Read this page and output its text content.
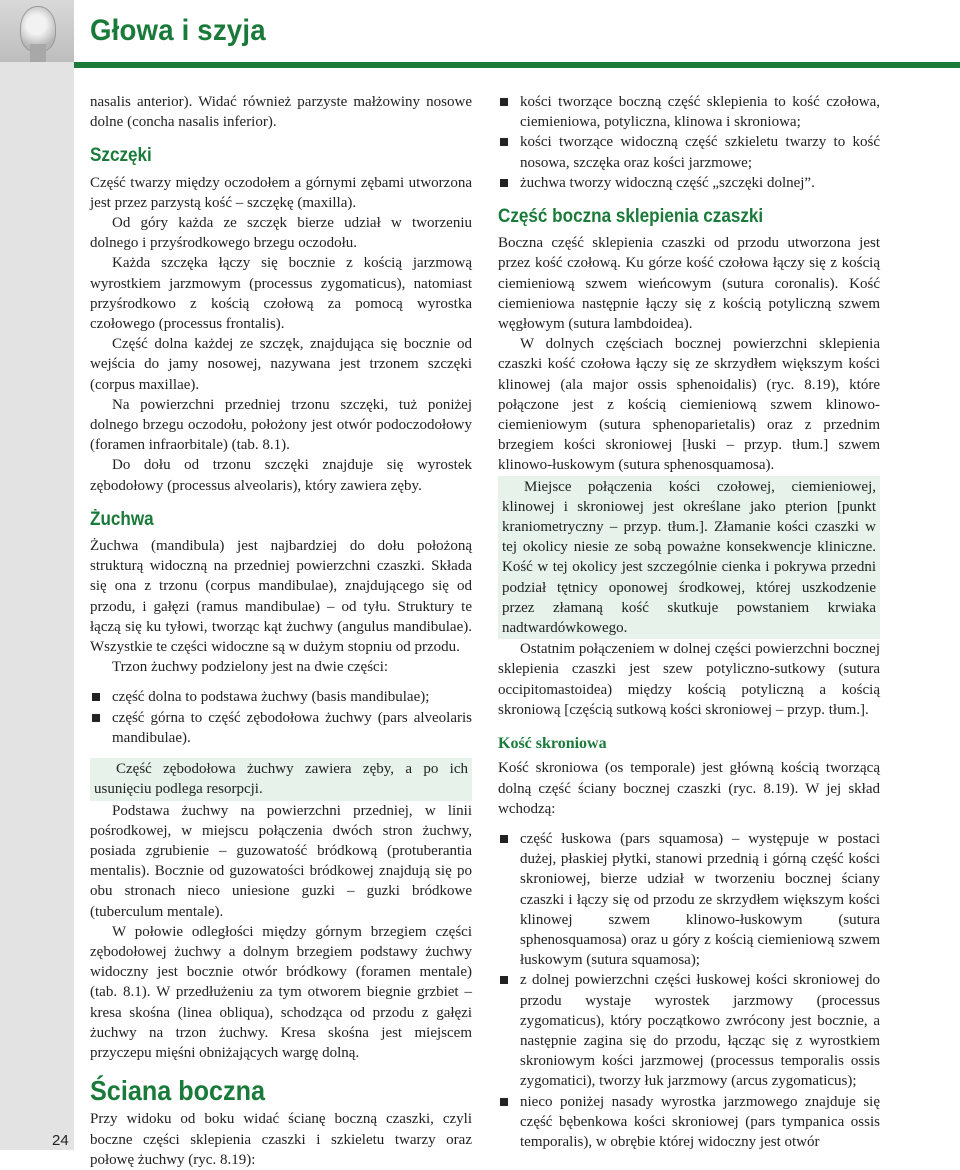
Głowa i szyja

nasalis anterior). Widać również parzyste małżowiny nosowe dolne (concha nasalis inferior).

Szczęki

Część twarzy między oczodołem a górnymi zębami utworzona jest przez parzystą kość – szczękę (maxilla).

Od góry każda ze szczęk bierze udział w tworzeniu dolnego i przyśrodkowego brzegu oczodołu.

Każda szczęka łączy się bocznie z kością jarzmową wyrostkiem jarzmowym (processus zygomaticus), natomiast przyśrodkowo z kością czołową za pomocą wyrostka czołowego (processus frontalis).

Część dolna każdej ze szczęk, znajdująca się bocznie od wejścia do jamy nosowej, nazywana jest trzonem szczęki (corpus maxillae).

Na powierzchni przedniej trzonu szczęki, tuż poniżej dolnego brzegu oczodołu, położony jest otwór podoczodołowy (foramen infraorbitale) (tab. 8.1).

Do dołu od trzonu szczęki znajduje się wyrostek zębodołowy (processus alveolaris), który zawiera zęby.

Żuchwa

Żuchwa (mandibula) jest najbardziej do dołu położoną strukturą widoczną na przedniej powierzchni czaszki. Składa się ona z trzonu (corpus mandibulae), znajdującego się od przodu, i gałęzi (ramus mandibulae) – od tyłu. Struktury te łączą się ku tyłowi, tworząc kąt żuchwy (angulus mandibulae). Wszystkie te części widoczne są w dużym stopniu od przodu.

Trzon żuchwy podzielony jest na dwie części:

część dolna to podstawa żuchwy (basis mandibulae);
część górna to część zębodołowa żuchwy (pars alveolaris mandibulae).

Część zębodołowa żuchwy zawiera zęby, a po ich usunięciu podlega resorpcji.

Podstawa żuchwy na powierzchni przedniej, w linii pośrodkowej, w miejscu połączenia dwóch stron żuchwy, posiada zgrubienie – guzowatość bródkową (protuberantia mentalis). Bocznie od guzowatości bródkowej znajdują się po obu stronach nieco uniesione guzki – guzki bródkowe (tuberculum mentale).

W połowie odległości między górnym brzegiem części zębodołowej żuchwy a dolnym brzegiem podstawy żuchwy widoczny jest bocznie otwór bródkowy (foramen mentale) (tab. 8.1). W przedłużeniu za tym otworem biegnie grzbiet – kresa skośna (linea obliqua), schodząca od przodu z gałęzi żuchwy na trzon żuchwy. Kresa skośna jest miejscem przyczepu mięśni obniżających wargę dolną.

Ściana boczna

Przy widoku od boku widać ścianę boczną czaszki, czyli boczne części sklepienia czaszki i szkieletu twarzy oraz połowę żuchwy (ryc. 8.19):

kości tworzące boczną część sklepienia to kość czołowa, ciemieniowa, potyliczna, klinowa i skroniowa;
kości tworzące widoczną część szkieletu twarzy to kość nosowa, szczęka oraz kości jarzmowe;
żuchwa tworzy widoczną część „szczęki dolnej”.
Część boczna sklepienia czaszki

Boczna część sklepienia czaszki od przodu utworzona jest przez kość czołową. Ku górze kość czołowa łączy się z kością ciemieniową szwem wieńcowym (sutura coronalis). Kość ciemieniowa następnie łączy się z kością potyliczną szwem węgłowym (sutura lambdoidea).

W dolnych częściach bocznej powierzchni sklepienia czaszki kość czołowa łączy się ze skrzydłem większym kości klinowej (ala major ossis sphenoidalis) (ryc. 8.19), które połączone jest z kością ciemieniową szwem klinowo-ciemieniowym (sutura sphenoparietalis) oraz z przednim brzegiem kości skroniowej [łuski – przyp. tłum.] szwem klinowo-łuskowym (sutura sphenosquamosa).

Miejsce połączenia kości czołowej, ciemieniowej, klinowej i skroniowej jest określane jako pterion [punkt kraniometryczny – przyp. tłum.]. Złamanie kości czaszki w tej okolicy niesie ze sobą poważne konsekwencje kliniczne. Kość w tej okolicy jest szczególnie cienka i pokrywa przedni podział tętnicy oponowej środkowej, której uszkodzenie przez złamaną kość skutkuje powstaniem krwiaka nadtwardówkowego.

Ostatnim połączeniem w dolnej części powierzchni bocznej sklepienia czaszki jest szew potyliczno-sutkowy (sutura occipitomastoidea) między kością potyliczną a kością skroniową [częścią sutkową kości skroniowej – przyp. tłum.].

Kość skroniowa

Kość skroniowa (os temporale) jest główną kością tworzącą dolną część ściany bocznej czaszki (ryc. 8.19). W jej skład wchodzą:

część łuskowa (pars squamosa) – występuje w postaci dużej, płaskiej płytki, stanowi przednią i górną część kości skroniowej, bierze udział w tworzeniu bocznej ściany czaszki i łączy się od przodu ze skrzydłem większym kości klinowej szwem klinowo-łuskowym (sutura sphenosquamosa) oraz u góry z kością ciemieniową szwem łuskowym (sutura squamosa);
z dolnej powierzchni części łuskowej kości skroniowej do przodu wystaje wyrostek jarzmowy (processus zygomaticus), który początkowo zwrócony jest bocznie, a następnie zagina się do przodu, łącząc się z wyrostkiem skroniowym kości jarzmowej (processus temporalis ossis zygomatici), tworzy łuk jarzmowy (arcus zygomaticus);
nieco poniżej nasady wyrostka jarzmowego znajduje się część bębenkowa kości skroniowej (pars tympanica ossis temporalis), w obrębie której widoczny jest otwór
24
